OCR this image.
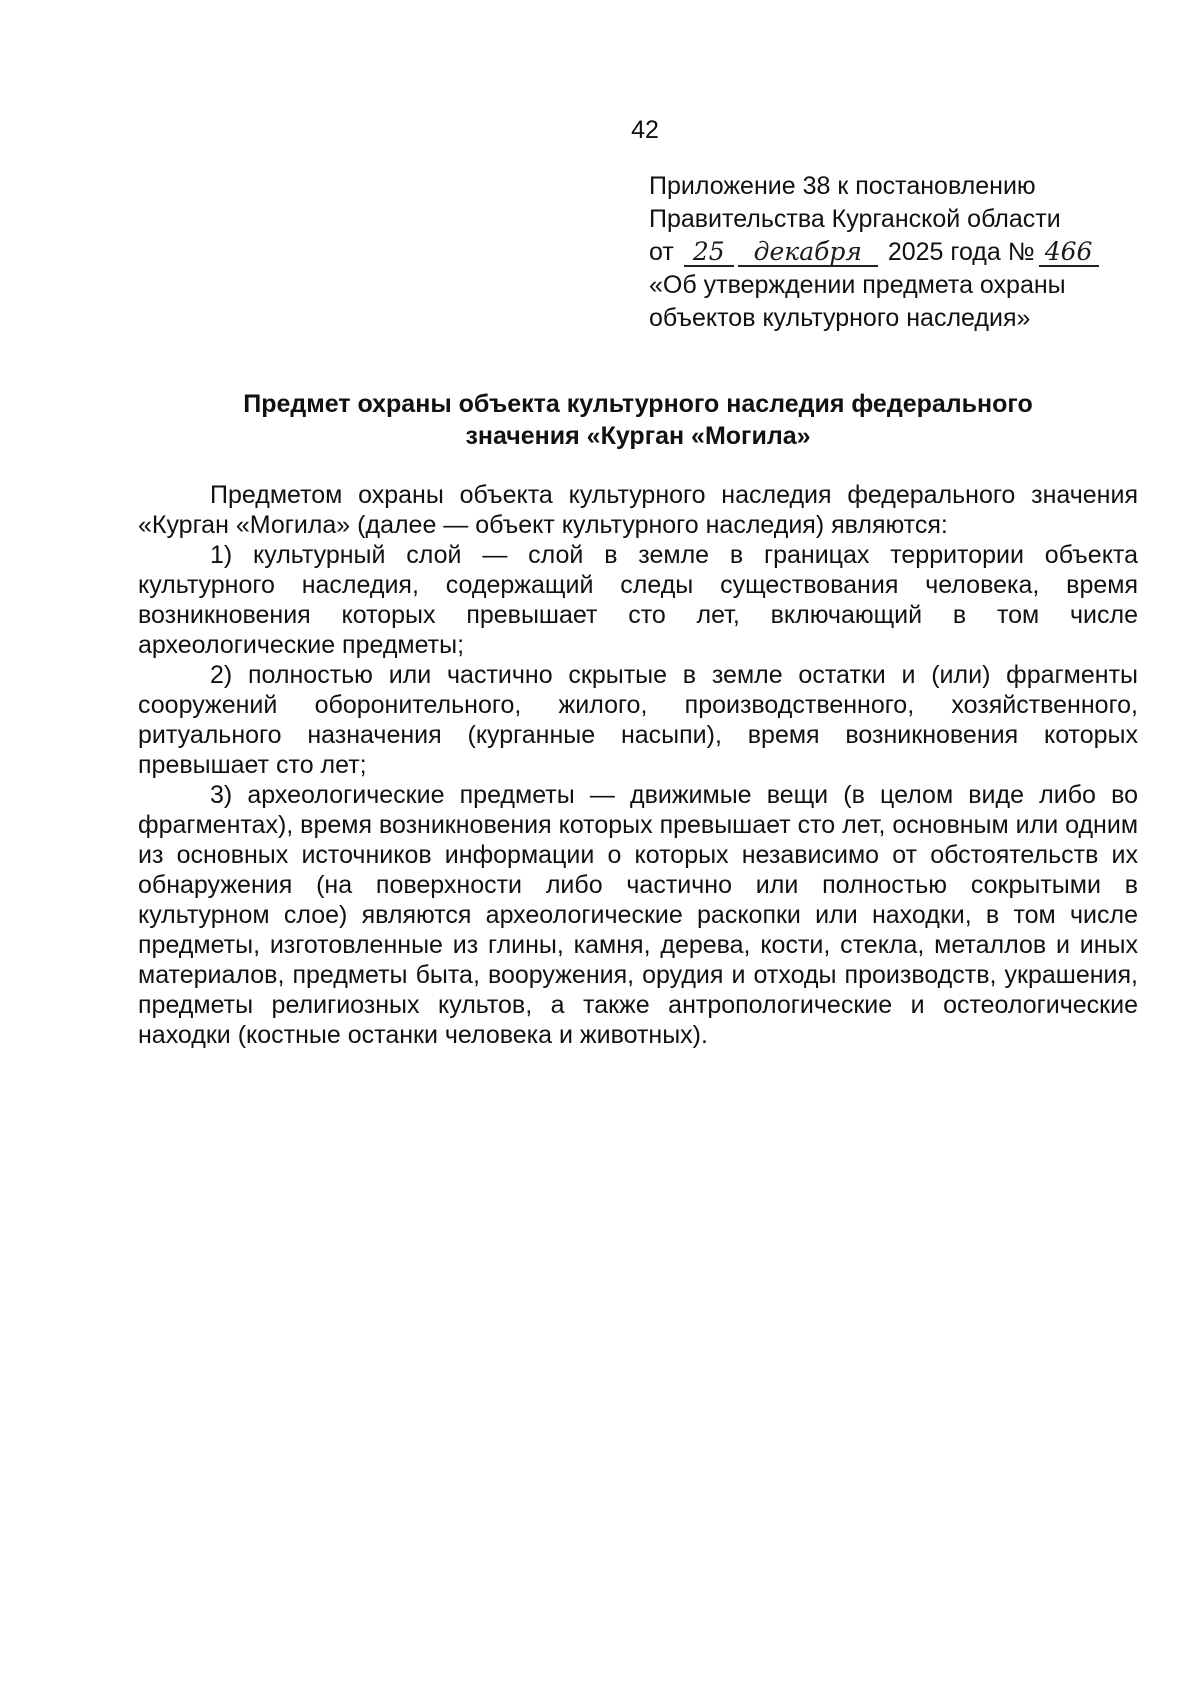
42
Приложение 38 к постановлению
Правительства Курганской области
от 25 декабря 2025 года № 466
«Об утверждении предмета охраны
объектов культурного наследия»
Предмет охраны объекта культурного наследия федерального
значения «Курган «Могила»

Предметом охраны объекта культурного наследия федерального значения «Курган «Могила» (далее — объект культурного наследия) являются:

1) культурный слой — слой в земле в границах территории объекта культурного наследия, содержащий следы существования человека, время возникновения которых превышает сто лет, включающий в том числе археологические предметы;

2) полностью или частично скрытые в земле остатки и (или) фрагменты сооружений оборонительного, жилого, производственного, хозяйственного, ритуального назначения (курганные насыпи), время возникновения которых превышает сто лет;

3) археологические предметы — движимые вещи (в целом виде либо во фрагментах), время возникновения которых превышает сто лет, основным или одним из основных источников информации о которых независимо от обстоятельств их обнаружения (на поверхности либо частично или полностью сокрытыми в культурном слое) являются археологические раскопки или находки, в том числе предметы, изготовленные из глины, камня, дерева, кости, стекла, металлов и иных материалов, предметы быта, вооружения, орудия и отходы производств, украшения, предметы религиозных культов, а также антропологические и остеологические находки (костные останки человека и животных).
